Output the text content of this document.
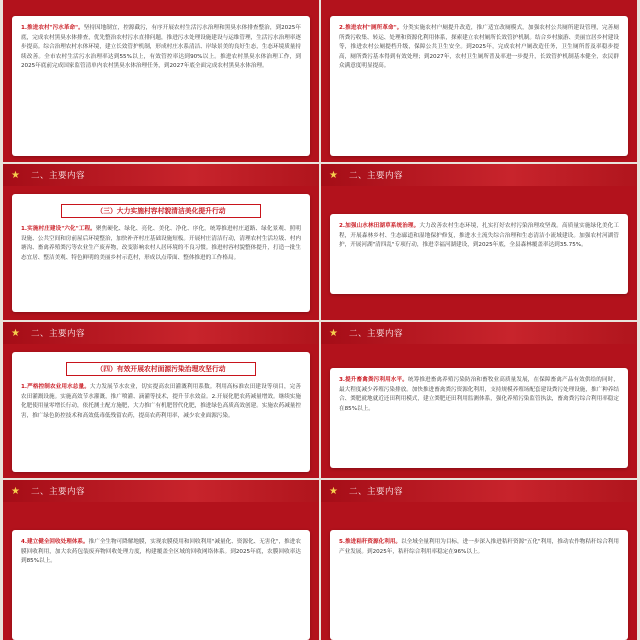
1.推进农村"污水革命"。坚持因地制宜，控源截污，有序开展农村生活污水治理和黑臭水体排查整治，到2025年底，完成农村黑臭水体排查，优先整治农村污水直排问题，推进污水处理设施建设与运维管理，生活污水治理率逐步提高。综合治理农村水体环境，建立长效管护机制，形成村庄水系清洁、岸绿景美的良好生态，生态环境质量持续改善。全市农村生活污水治理率达到55%以上，有效管控率达到90%以上。推进农村黑臭水体治理工作，到2025年底前完成国家监管清单内农村黑臭水体治理任务，到2027年底全面完成农村黑臭水体治理。

2.推进农村"厕所革命"。分类实施农村户厕提升改造，推广适宜改厕模式，加强农村公共厕所建设管理，完善厕所粪污收集、转运、处理和资源化利用体系，探索建立农村厕所长效管护机制。结合乡村旅游、美丽宜居乡村建设等，推进农村公厕提档升级，保障公共卫生安全。到2025年，完成农村户厕改造任务，卫生厕所普及率稳步提高，厕所粪污基本得到有效处理；到2027年，农村卫生厕所普及率进一步提升，长效管护机制基本健全，农民群众满意度明显提高。

★	二、主要内容
（三）大力实施村容村貌清洁美化提升行动

1.实施村庄建设"六化"工程。聚焦硬化、绿化、亮化、美化、净化、序化，统筹推进村庄道路、绿化景观、照明设施、公共空间和房前屋后环境整治，加快补齐村庄基础设施短板。开展村庄清洁行动，清理农村生活垃圾、村内塘沟、畜禽养殖粪污等农业生产废弃物，改变影响农村人居环境的不良习惯。推进村容村貌整体提升，打造一批生态宜居、整洁美观、特色鲜明的美丽乡村示范村，形成以点带面、整体推进的工作格局。

★	二、主要内容

2.加强山水林田湖草系统治理。大力改善农村生态环境，扎实打好农村污染治理攻坚战。高质量实施绿化美化工程，开展森林乡村、生态廊道和湿地保护修复，推进水土流失综合治理和生态清洁小流域建设。加强农村河湖管护，开展河湖"清四乱"专项行动，推进幸福河湖建设，到2025年底，全县森林覆盖率达到35.75%。

★	二、主要内容
（四）有效开展农村面源污染治理攻坚行动

1.严格控制农业用水总量。大力发展节水农业，切实提高农田灌溉利用系数。利用高标准农田建设等项目，完善农田灌溉设施。实施高效节水灌溉，推广喷灌、滴灌等技术，提升节水效益。2.开展化肥农药减量增效。继续实施化肥使用量零增长行动，依托测土配方施肥，大力推广有机肥替代化肥，推进绿色高质高效创建。实施农药减量控害，推广绿色防控技术和高效低毒低残留农药，提高农药利用率，减少农业面源污染。

★	二、主要内容

3.提升畜禽粪污利用水平。统筹推进畜禽养殖污染防治和畜牧业高质量发展，在保障畜禽产品有效供给的同时，最大程度减少养殖污染排放。加快推进畜禽粪污资源化利用，支持规模养殖场配套建设粪污处理设施，推广种养结合、粪肥就地就近还田利用模式，建立粪肥还田利用监测体系，强化养殖污染监管执法，畜禽粪污综合利用率稳定在85%以上。

★	二、主要内容

4.建立健全回收处理体系。推广全生物可降解地膜，实现农膜使用和回收利用"减量化、资源化、无害化"，推进农膜回收利用，加大农药包装废弃物回收处理力度，构建覆盖全区域的回收网络体系。到2025年底，农膜回收率达到85%以上。

★	二、主要内容

5.推进秸秆资源化利用。以全域全量利用为目标，进一步深入推进秸秆资源"五化"利用，推动农作物秸秆综合利用产业发展。到2025年，秸秆综合利用率稳定在96%以上。
